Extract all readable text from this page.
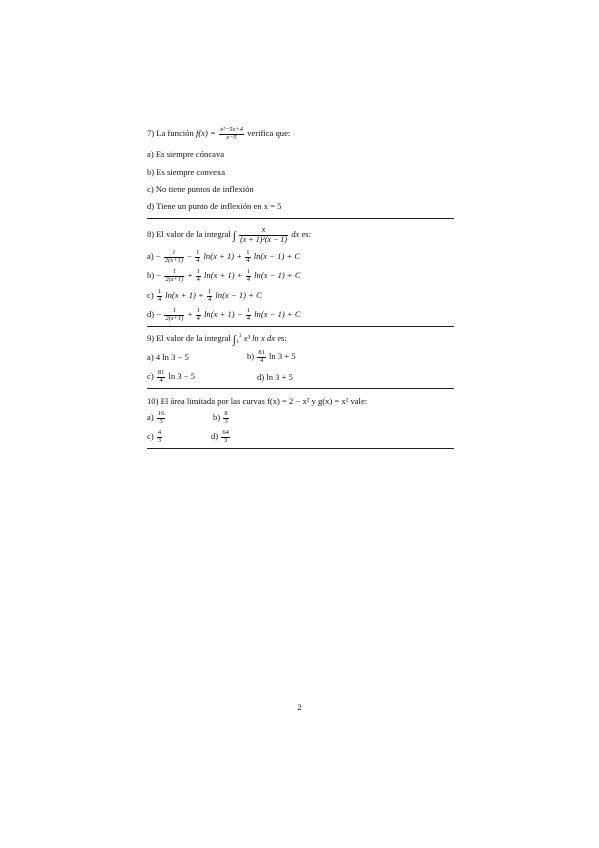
7) La función $f(x) = \frac{\text{x²−5x+4}}{x-5}$ verifica que:
a) Es siempre cóncava
b) Es siempre convexa
c) No tiene puntos de inflexión
d) Tiene un punto de inflexión en x = 5
8) El valor de la integral ∫ $\frac{x}{\text{(x + 1)²(x − 1)}}$ dx es:
$a) - \frac{1}{2(x+1)} - \frac{1}{4} \ln(x + 1) + \frac{1}{4} \ln(x - 1) + C$
$b) - \frac{1}{2(x+1)} + \frac{1}{4} \ln(x + 1) + \frac{1}{4} \ln(x - 1) + C$
$c) \frac{1}{4} \ln(x + 1) + \frac{1}{4} \ln(x - 1) + C$
$d) - \frac{1}{2(x+1)} + \frac{1}{4} \ln(x + 1) - \frac{1}{4} \ln(x - 1) + C$
9) El valor de la integral $\int_1^3$ x³ ln x dx es:
a) 4 ln 3 − 5	$b) \frac{81}{4}$ ln 3 + 5
$c) \frac{81}{4}$ ln 3 − 5	d) ln 3 + 5
10) El área limitada por las curvas f(x) = 2 − x² y g(x) = x² vale:
$a) \frac{16}{3}$	$b) \frac{8}{3}$
$c) \frac{4}{3}$	$d) \frac{64}{3}$
2
